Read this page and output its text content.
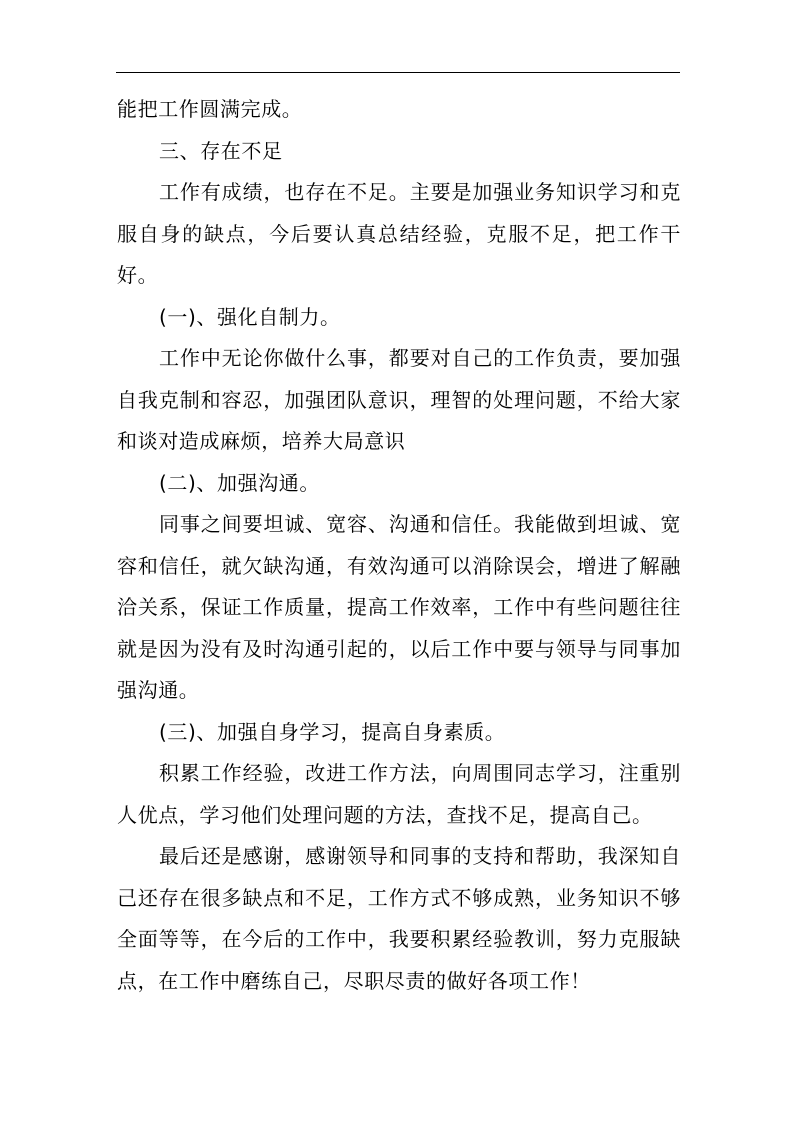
能把工作圆满完成。

三、存在不足

工作有成绩，也存在不足。主要是加强业务知识学习和克服自身的缺点，今后要认真总结经验，克服不足，把工作干好。

(一)、强化自制力。

工作中无论你做什么事，都要对自己的工作负责，要加强自我克制和容忍，加强团队意识，理智的处理问题，不给大家和谈对造成麻烦，培养大局意识

(二)、加强沟通。

同事之间要坦诚、宽容、沟通和信任。我能做到坦诚、宽容和信任，就欠缺沟通，有效沟通可以消除误会，增进了解融洽关系，保证工作质量，提高工作效率，工作中有些问题往往就是因为没有及时沟通引起的，以后工作中要与领导与同事加强沟通。

(三)、加强自身学习，提高自身素质。

积累工作经验，改进工作方法，向周围同志学习，注重别人优点，学习他们处理问题的方法，查找不足，提高自己。

最后还是感谢，感谢领导和同事的支持和帮助，我深知自己还存在很多缺点和不足，工作方式不够成熟，业务知识不够全面等等，在今后的工作中，我要积累经验教训，努力克服缺点，在工作中磨练自己，尽职尽责的做好各项工作！
